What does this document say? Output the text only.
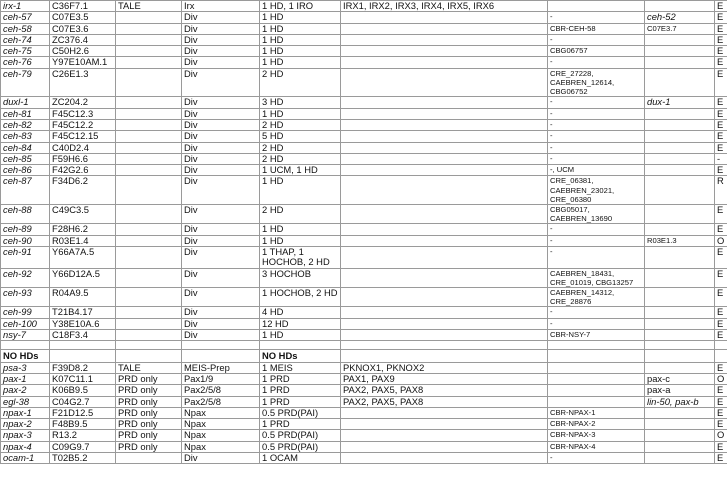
irx-1	C36F7.1	TALE	Irx	1 HD, 1 IRO	IRX1, IRX2, IRX3, IRX4, IRX5, IRX6			E
ceh-57	C07E3.5		Div	1 HD		-	ceh-52	E
ceh-58	C07E3.6		Div	1 HD		CBR-CEH-58	C07E3.7	E
ceh-74	ZC376.4		Div	1 HD		-		E
ceh-75	C50H2.6		Div	1 HD		CBG06757		E
ceh-76	Y97E10AM.1		Div	1 HD		-		E
ceh-79	C26E1.3		Div	2 HD		CRE_27228, CAEBREN_12614, CBG06752		E
duxl-1	ZC204.2		Div	3 HD		-	dux-1	E
ceh-81	F45C12.3		Div	1 HD		-		E
ceh-82	F45C12.2		Div	2 HD		-		E
ceh-83	F45C12.15		Div	5 HD		-		E
ceh-84	C40D2.4		Div	2 HD		-		E
ceh-85	F59H6.6		Div	2 HD		-		-
ceh-86	F42G2.6		Div	1 UCM, 1 HD		-, UCM		E
ceh-87	F34D6.2		Div	1 HD		CRE_06381, CAEBREN_23021, CRE_06380		R
ceh-88	C49C3.5		Div	2 HD		CBG05017, CAEBREN_13690		E
ceh-89	F28H6.2		Div	1 HD		-		E
ceh-90	R03E1.4		Div	1 HD		-	R03E1.3	O
ceh-91	Y66A7A.5		Div	1 THAP, 1 HOCHOB, 2 HD		-		E
ceh-92	Y66D12A.5		Div	3 HOCHOB		CAEBREN_18431, CRE_01019, CBG13257		E
ceh-93	R04A9.5		Div	1 HOCHOB, 2 HD		CAEBREN_14312, CRE_28876		E
ceh-99	T21B4.17		Div	4 HD		-		E
ceh-100	Y38E10A.6		Div	12 HD		-		E
nsy-7	C18F3.4		Div	1 HD		CBR-NSY-7		E

NO HDs				NO HDs				
psa-3	F39D8.2	TALE	MEIS-Prep	1 MEIS	PKNOX1, PKNOX2			E
pax-1	K07C11.1	PRD only	Pax1/9	1 PRD	PAX1, PAX9		pax-c	O
pax-2	K06B9.5	PRD only	Pax2/5/8	1 PRD	PAX2, PAX5, PAX8		pax-a	E
egl-38	C04G2.7	PRD only	Pax2/5/8	1 PRD	PAX2, PAX5, PAX8		lin-50, pax-b	E
npax-1	F21D12.5	PRD only	Npax	0.5 PRD(PAI)		CBR-NPAX-1		E
npax-2	F48B9.5	PRD only	Npax	1 PRD		CBR-NPAX-2		E
npax-3	R13.2	PRD only	Npax	0.5 PRD(PAI)		CBR-NPAX-3		O
npax-4	C09G9.7	PRD only	Npax	0.5 PRD(PAI)		CBR-NPAX-4		E
ocam-1	T02B5.2		Div	1 OCAM		-		E
